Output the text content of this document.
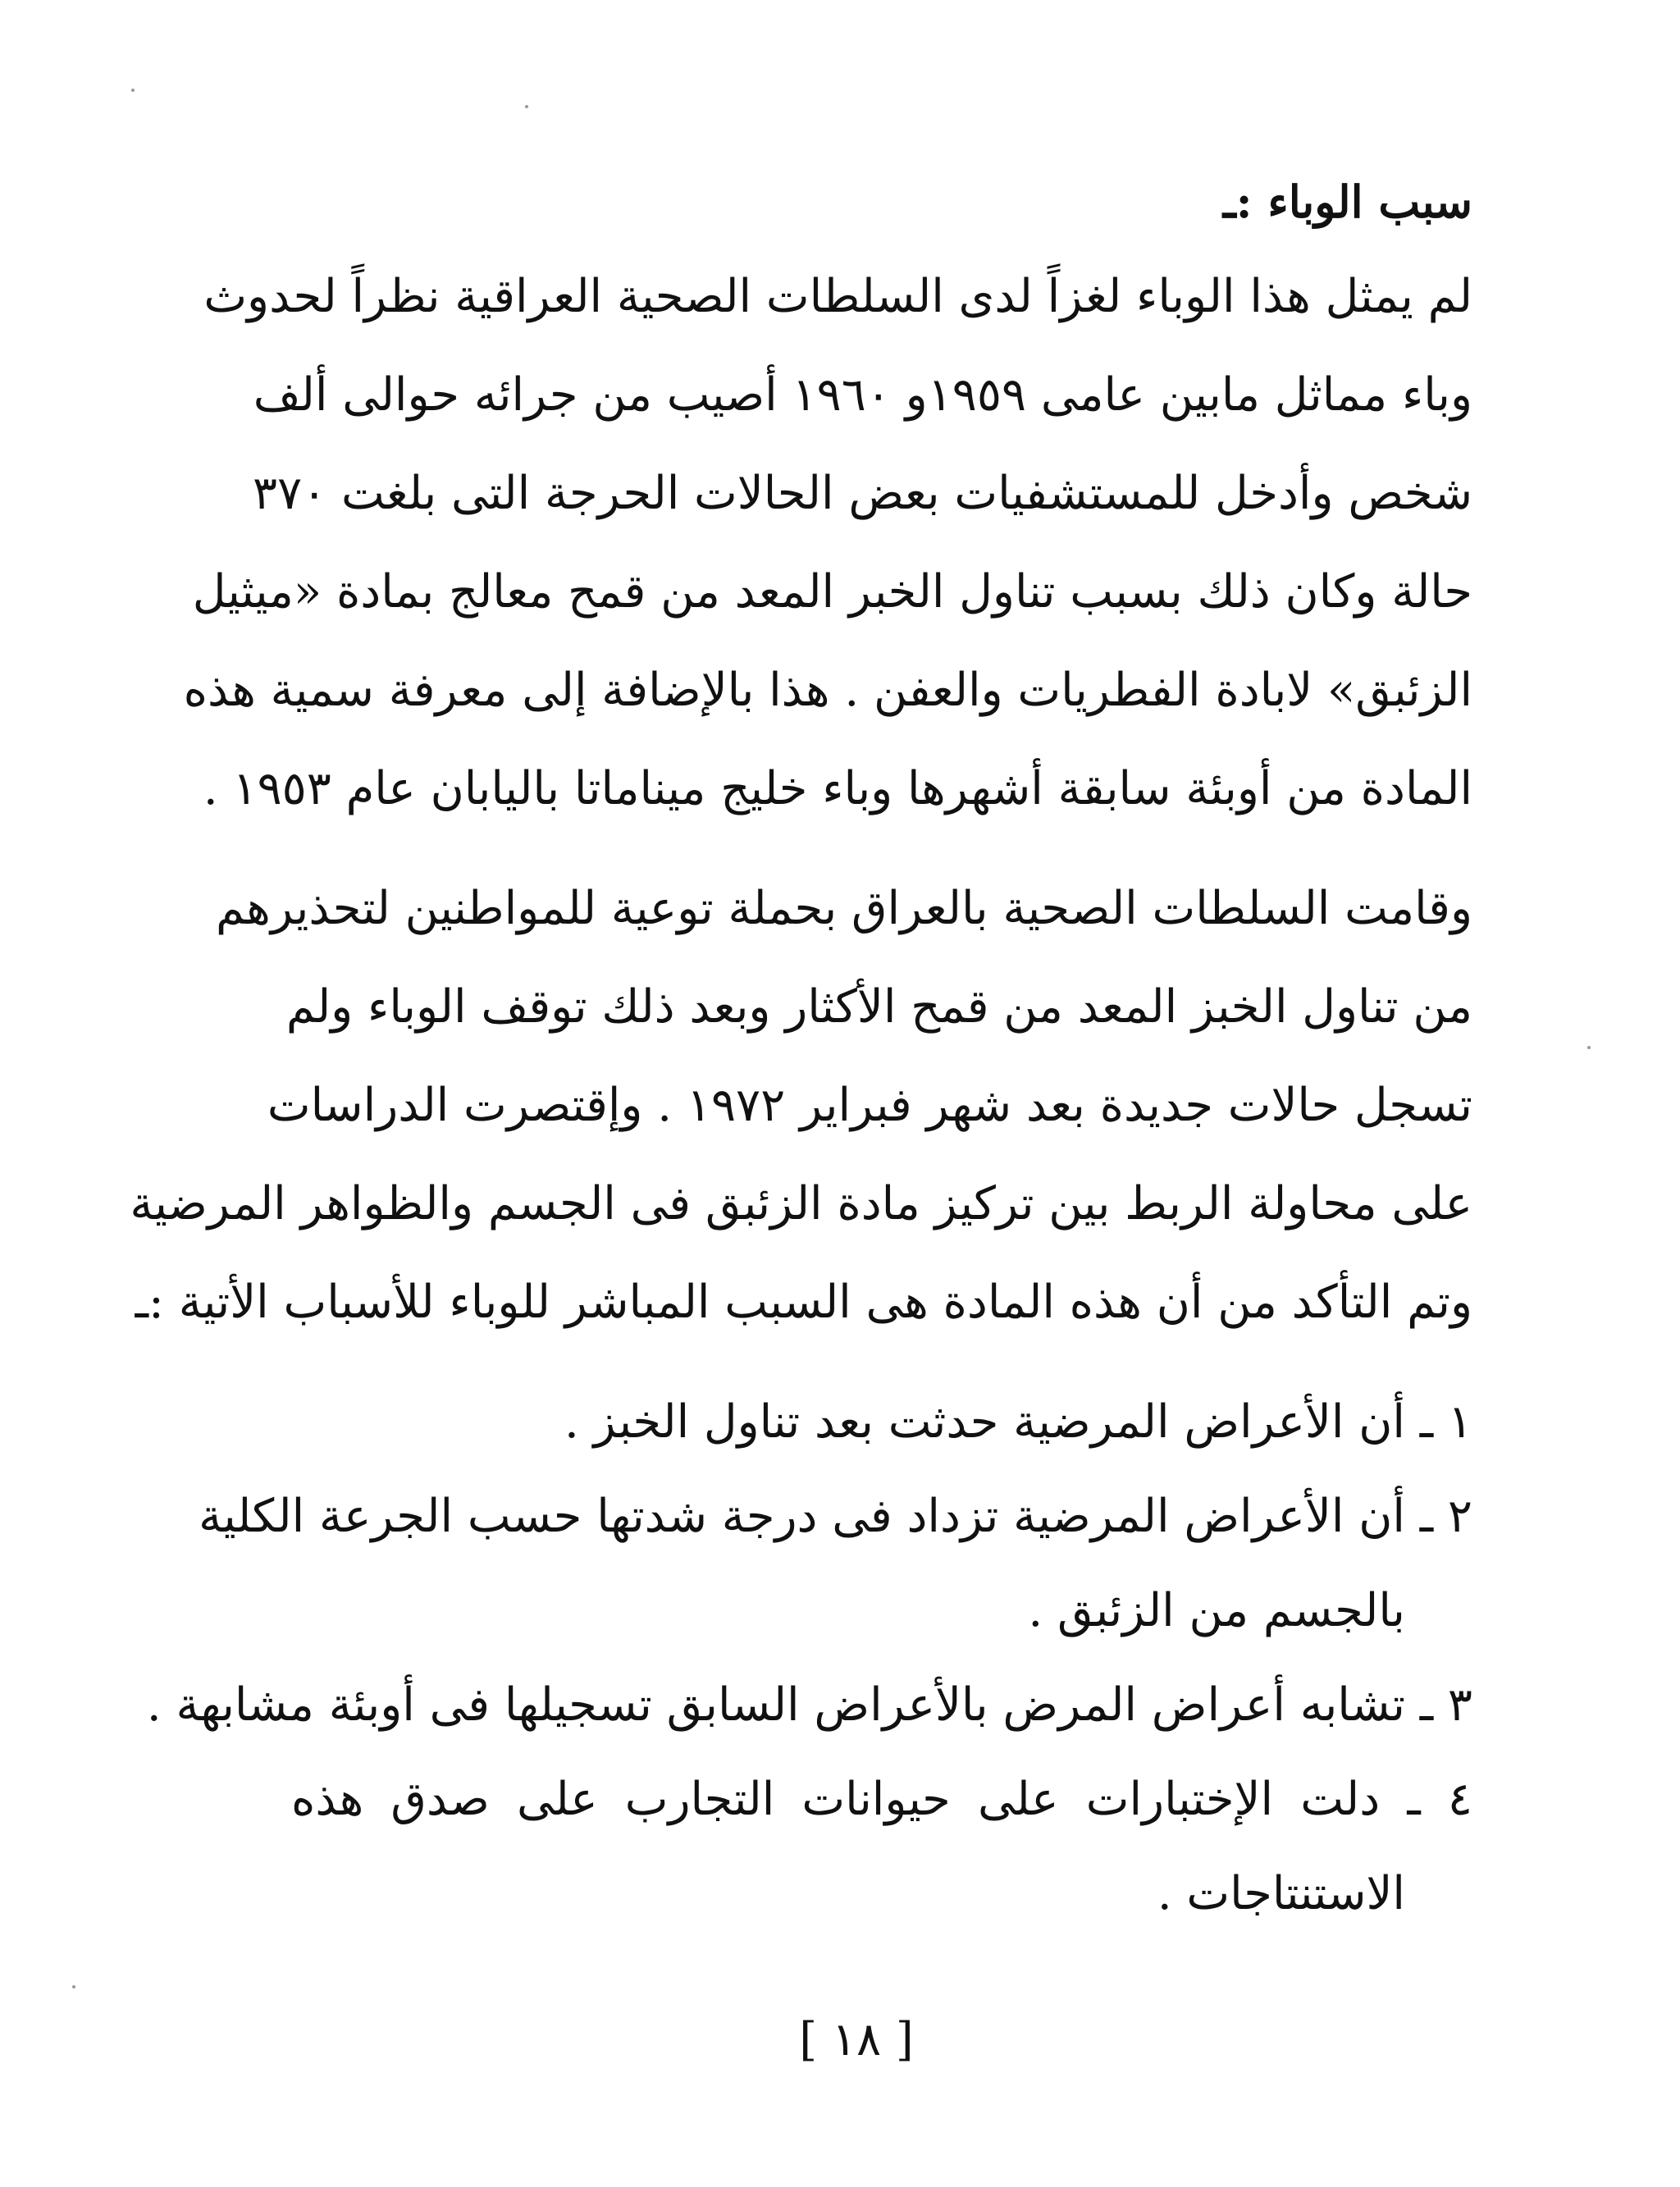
سبب الوباء :ـ
لم يمثل هذا الوباء لغزاً لدى السلطات الصحية العراقية نظراً لحدوث
وباء مماثل مابين عامى ١٩٥٩و ١٩٦٠ أصيب من جرائه حوالى ألف
شخص وأدخل للمستشفيات بعض الحالات الحرجة التى بلغت ٣٧٠
حالة وكان ذلك بسبب تناول الخبر المعد من قمح معالج بمادة «ميثيل
الزئبق» لابادة الفطريات والعفن . هذا بالإضافة إلى معرفة سمية هذه
المادة من أوبئة سابقة أشهرها وباء خليج ميناماتا باليابان عام ١٩٥٣ .
وقامت السلطات الصحية بالعراق بحملة توعية للمواطنين لتحذيرهم
من تناول الخبز المعد من قمح الأكثار وبعد ذلك توقف الوباء ولم
تسجل حالات جديدة بعد شهر فبراير ١٩٧٢ . وإقتصرت الدراسات
على محاولة الربط بين تركيز مادة الزئبق فى الجسم والظواهر المرضية
وتم التأكد من أن هذه المادة هى السبب المباشر للوباء للأسباب الأتية :ـ
١ ـ أن الأعراض المرضية حدثت بعد تناول الخبز .
٢ ـ أن الأعراض المرضية تزداد فى درجة شدتها حسب الجرعة الكلية
بالجسم من الزئبق .
٣ ـ تشابه أعراض المرض بالأعراض السابق تسجيلها فى أوبئة مشابهة .
٤ ـ دلت الإختبارات على حيوانات التجارب على صدق هذه
الاستنتاجات .
[ ١٨ ]
